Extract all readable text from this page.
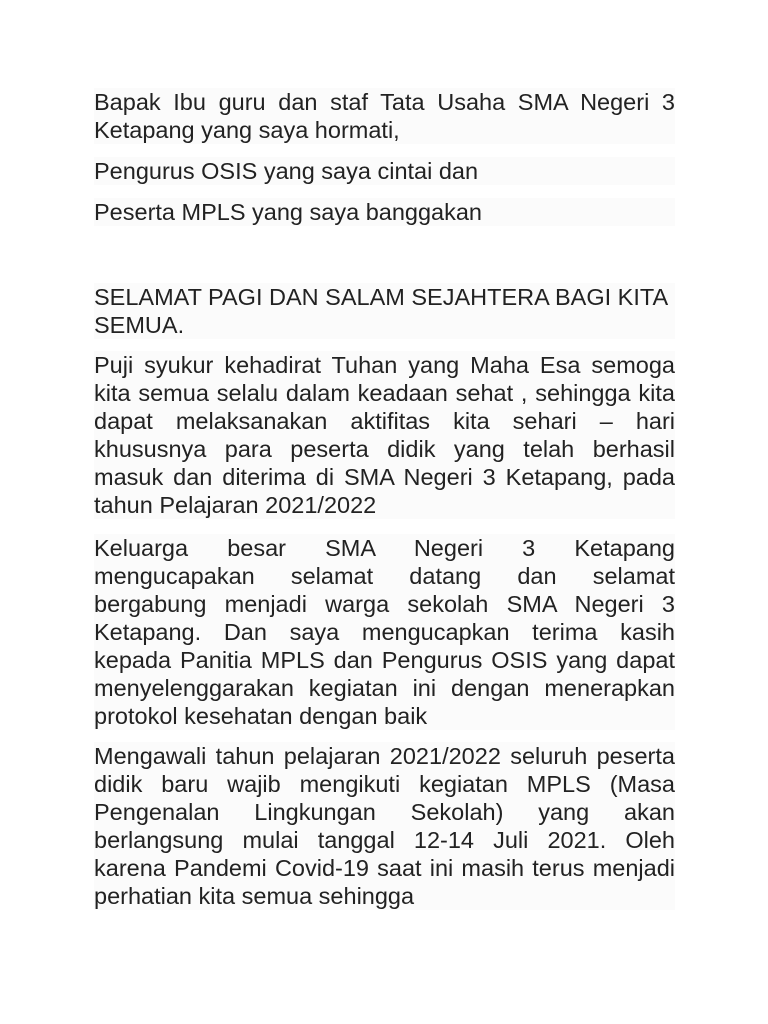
Bapak Ibu guru dan staf Tata Usaha SMA Negeri 3 Ketapang yang saya hormati,

Pengurus OSIS yang saya cintai dan

Peserta MPLS yang saya banggakan

SELAMAT PAGI DAN SALAM SEJAHTERA BAGI KITA SEMUA.

Puji syukur kehadirat Tuhan yang Maha Esa semoga kita semua selalu dalam keadaan sehat , sehingga kita dapat melaksanakan aktifitas kita sehari – hari khususnya para peserta didik yang telah berhasil masuk dan diterima di SMA Negeri 3 Ketapang, pada tahun Pelajaran 2021/2022

Keluarga besar SMA Negeri 3 Ketapang mengucapakan selamat datang dan selamat bergabung menjadi warga sekolah SMA Negeri 3 Ketapang. Dan saya mengucapkan terima kasih kepada Panitia MPLS dan Pengurus OSIS yang dapat menyelenggarakan kegiatan ini dengan menerapkan protokol kesehatan dengan baik

Mengawali tahun pelajaran 2021/2022 seluruh peserta didik baru wajib mengikuti kegiatan MPLS (Masa Pengenalan Lingkungan Sekolah) yang akan berlangsung mulai tanggal 12-14 Juli 2021. Oleh karena Pandemi Covid-19 saat ini masih terus menjadi perhatian kita semua sehingga
